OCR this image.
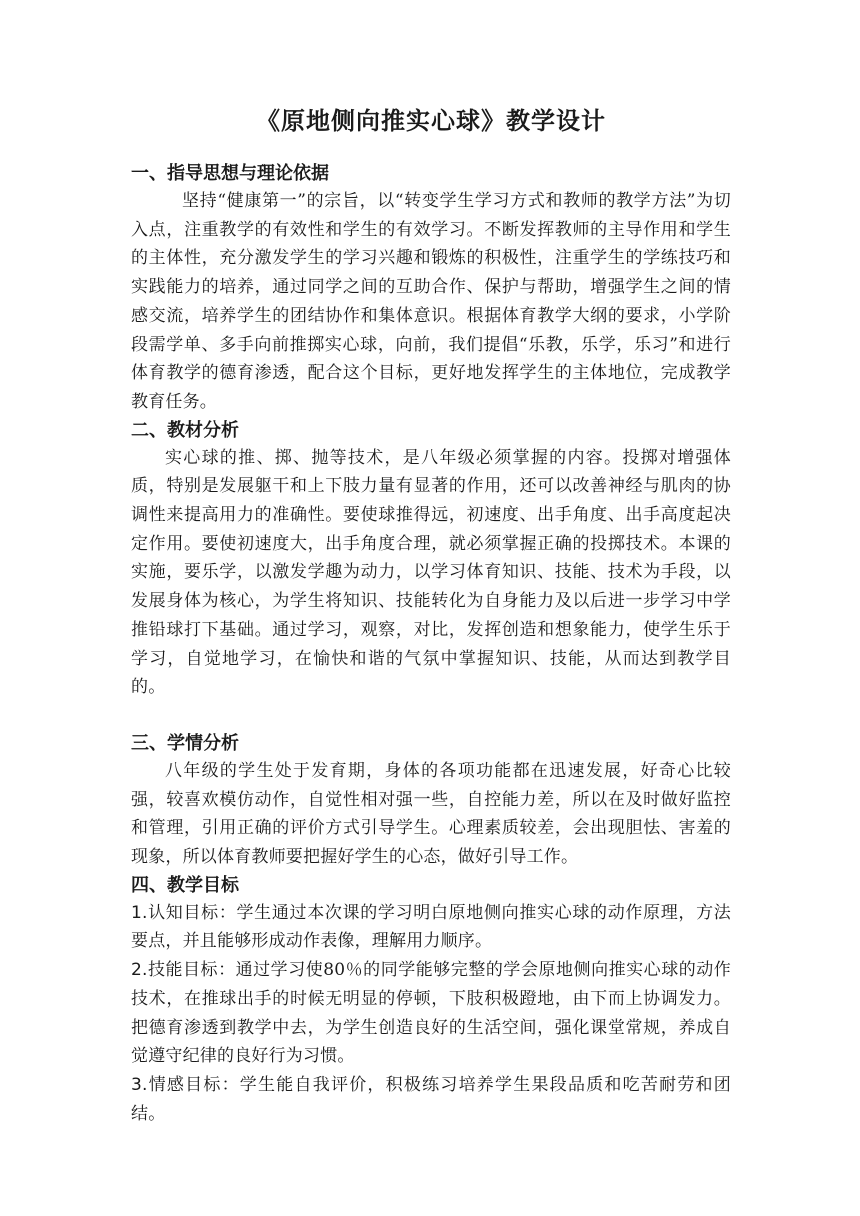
《原地侧向推实心球》教学设计
一、指导思想与理论依据

坚持“健康第一”的宗旨，以“转变学生学习方式和教师的教学方法”为切入点，注重教学的有效性和学生的有效学习。不断发挥教师的主导作用和学生的主体性，充分激发学生的学习兴趣和锻炼的积极性，注重学生的学练技巧和实践能力的培养，通过同学之间的互助合作、保护与帮助，增强学生之间的情感交流，培养学生的团结协作和集体意识。根据体育教学大纲的要求，小学阶段需学单、多手向前推掷实心球，向前，我们提倡“乐教，乐学，乐习”和进行体育教学的德育渗透，配合这个目标，更好地发挥学生的主体地位，完成教学教育任务。

二、教材分析

实心球的推、掷、抛等技术，是八年级必须掌握的内容。投掷对增强体质，特别是发展躯干和上下肢力量有显著的作用，还可以改善神经与肌肉的协调性来提高用力的准确性。要使球推得远，初速度、出手角度、出手高度起决定作用。要使初速度大，出手角度合理，就必须掌握正确的投掷技术。本课的实施，要乐学，以激发学趣为动力，以学习体育知识、技能、技术为手段，以发展身体为核心，为学生将知识、技能转化为自身能力及以后进一步学习中学推铅球打下基础。通过学习，观察，对比，发挥创造和想象能力，使学生乐于学习，自觉地学习，在愉快和谐的气氛中掌握知识、技能，从而达到教学目的。

三、学情分析

八年级的学生处于发育期，身体的各项功能都在迅速发展，好奇心比较强，较喜欢模仿动作，自觉性相对强一些，自控能力差，所以在及时做好监控和管理，引用正确的评价方式引导学生。心理素质较差，会出现胆怯、害羞的现象，所以体育教师要把握好学生的心态，做好引导工作。

四、教学目标

1.认知目标：学生通过本次课的学习明白原地侧向推实心球的动作原理，方法要点，并且能够形成动作表像，理解用力顺序。

2.技能目标：通过学习使80％的同学能够完整的学会原地侧向推实心球的动作技术，在推球出手的时候无明显的停顿，下肢积极蹬地，由下而上协调发力。把德育渗透到教学中去，为学生创造良好的生活空间，强化课堂常规，养成自觉遵守纪律的良好行为习惯。

3.情感目标：学生能自我评价，积极练习培养学生果段品质和吃苦耐劳和团结。
